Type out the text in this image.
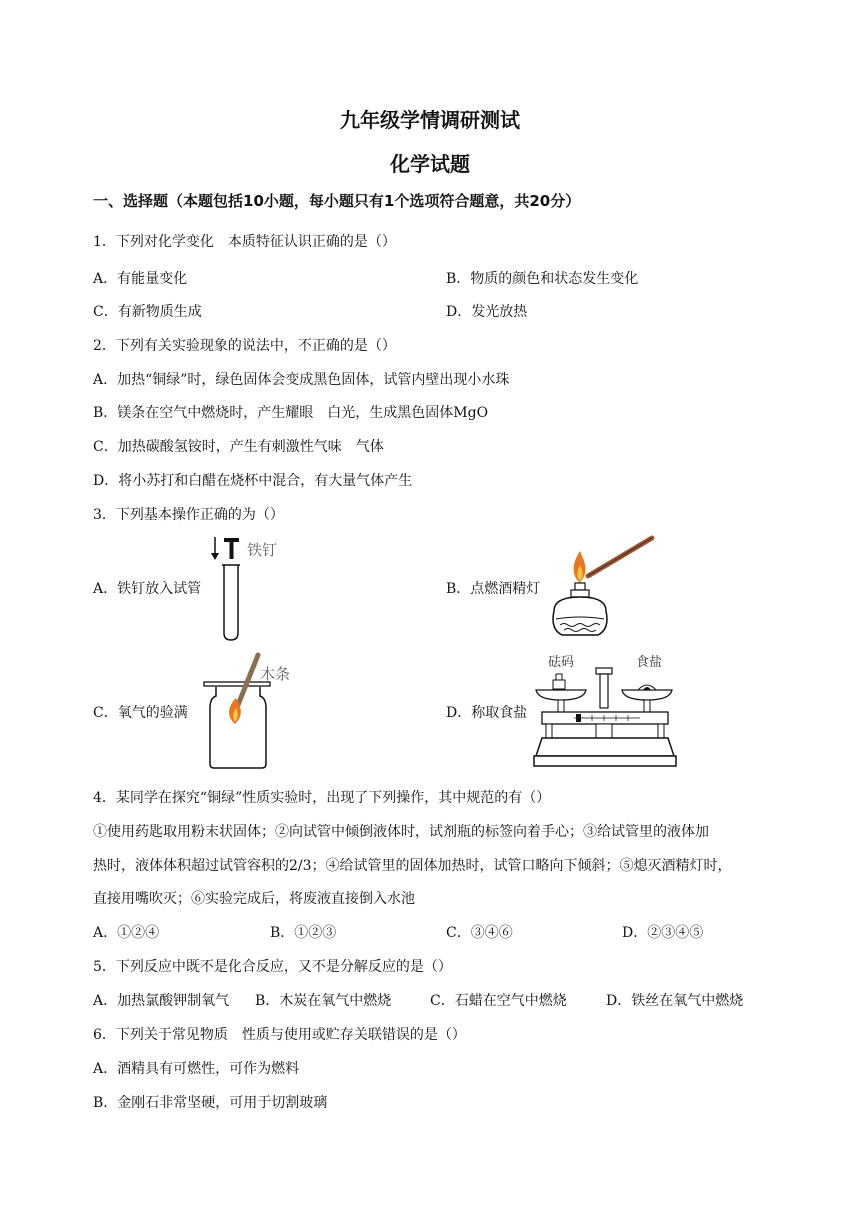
九年级学情调研测试
化学试题
一、选择题（本题包括10小题，每小题只有1个选项符合题意，共20分）
1．下列对化学变化　本质特征认识正确的是（）
A．有能量变化	B．物质的颜色和状态发生变化
C．有新物质生成	D．发光放热
2．下列有关实验现象的说法中，不正确的是（）
A．加热“铜绿”时，绿色固体会变成黑色固体，试管内壁出现小水珠
B．镁条在空气中燃烧时，产生耀眼　白光，生成黑色固体MgO
C．加热碳酸氢铵时，产生有刺激性气味　气体
D．将小苏打和白醋在烧杯中混合，有大量气体产生
3．下列基本操作正确的为（）
A．铁钉放入试管	B．点燃酒精灯
C．氧气的验满	D．称取食盐
铁钉
木条
砝码	食盐
4．某同学在探究“铜绿”性质实验时，出现了下列操作，其中规范的有（）
①使用药匙取用粉末状固体；②向试管中倾倒液体时，试剂瓶的标签向着手心；③给试管里的液体加
热时，液体体积超过试管容积的2/3；④给试管里的固体加热时，试管口略向下倾斜；⑤熄灭酒精灯时，
直接用嘴吹灭；⑥实验完成后，将废液直接倒入水池
A．①②④	B．①②③	C．③④⑥	D．②③④⑤
5．下列反应中既不是化合反应，又不是分解反应的是（）
A．加热氯酸钾制氧气 B．木炭在氧气中燃烧	C．石蜡在空气中燃烧	D．铁丝在氧气中燃烧
6．下列关于常见物质　性质与使用或贮存关联错误的是（）
A．酒精具有可燃性，可作为燃料
B．金刚石非常坚硬，可用于切割玻璃
